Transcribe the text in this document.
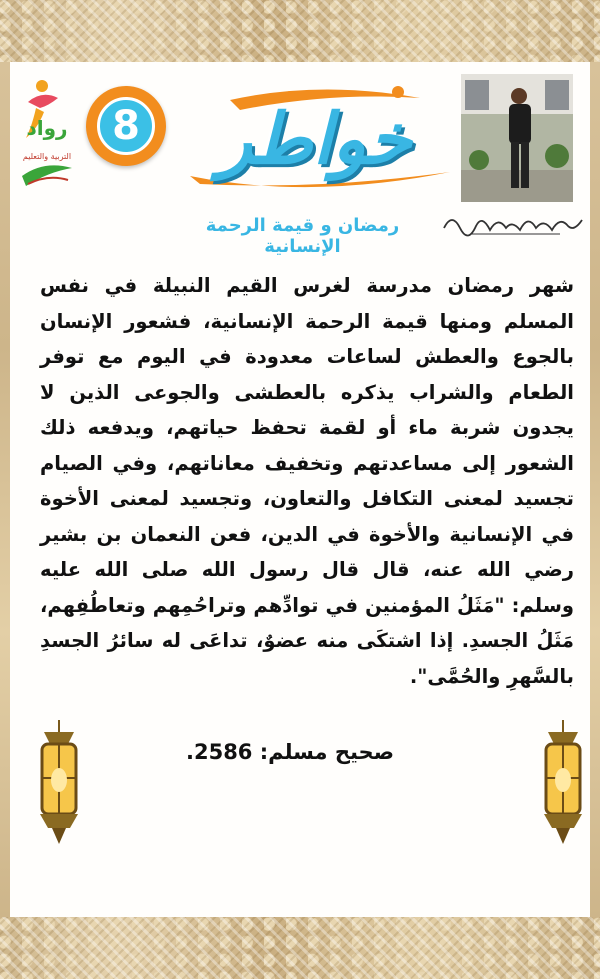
رواد
التربية والتعليم
8	خواطر
رمضان و قيمة الرحمة الإنسانية
شهر رمضان مدرسة لغرس القيم النبيلة في نفس المسلم ومنها قيمة الرحمة الإنسانية، فشعور الإنسان بالجوع والعطش لساعات معدودة في اليوم مع توفر الطعام والشراب يذكره بالعطشى والجوعى الذين لا يجدون شربة ماء أو لقمة تحفظ حياتهم، ويدفعه ذلك الشعور إلى مساعدتهم وتخفيف معاناتهم، وفي الصيام تجسيد لمعنى التكافل والتعاون، وتجسيد لمعنى الأخوة في الإنسانية والأخوة في الدين، فعن النعمان بن بشير رضي الله عنه، قال قال رسول الله صلى الله عليه وسلم: "مَثَلُ المؤمنين في توادِّهم وتراحُمِهم وتعاطُفِهم، مَثَلُ الجسدِ. إذا اشتكَى منه عضوٌ، تداعَى له سائرُ الجسدِ بالسَّهرِ والحُمَّى".
صحيح مسلم: 2586.
